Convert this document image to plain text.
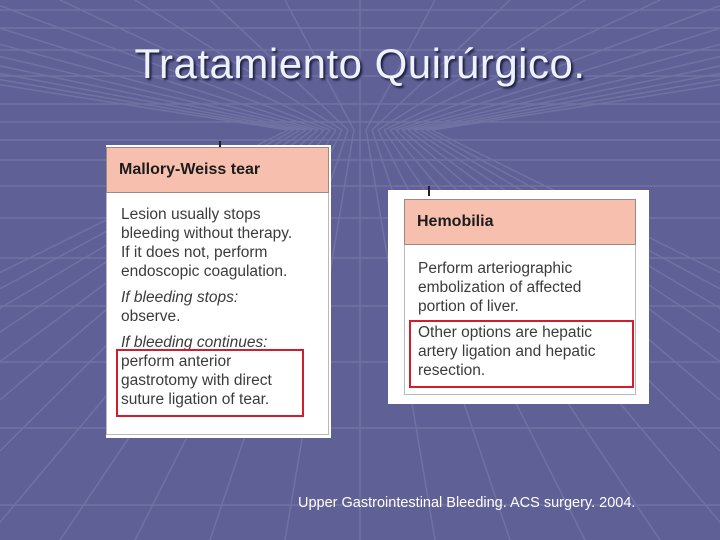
Tratamiento Quirúrgico.
Mallory-Weiss tear

Lesion usually stops

bleeding without therapy.

If it does not, perform

endoscopic coagulation.

If bleeding stops:

observe.

If bleeding continues:

perform anterior

gastrotomy with direct

suture ligation of tear.

Hemobilia

Perform arteriographic

embolization of affected

portion of liver.

Other options are hepatic

artery ligation and hepatic

resection.

Upper Gastrointestinal Bleeding. ACS surgery. 2004.
